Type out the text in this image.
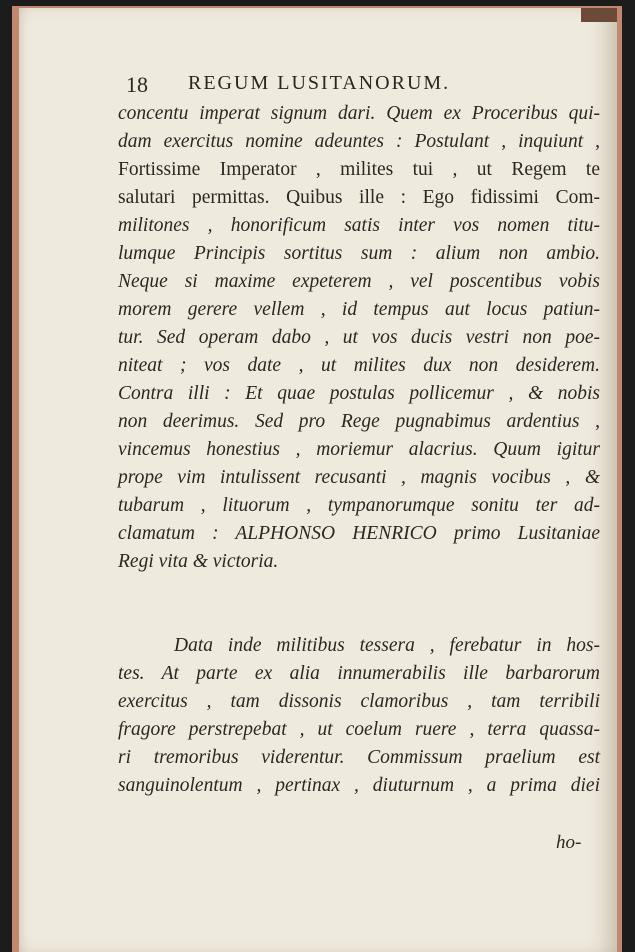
18 REGUM LUSITANORUM.
concentu imperat signum dari. Quem ex Proceribus qui-
dam exercitus nomine adeuntes : Postulant , inquiunt ,
Fortissime Imperator , milites tui , ut Regem te
salutari permittas. Quibus ille : Ego fidissimi Com-
militones , honorificum satis inter vos nomen titu-
lumque Principis sortitus sum : alium non ambio.
Neque si maxime expeterem , vel poscentibus vobis
morem gerere vellem , id tempus aut locus patiun-
tur. Sed operam dabo , ut vos ducis vestri non poe-
niteat ; vos date , ut milites dux non desiderem.
Contra illi : Et quae postulas pollicemur , & nobis
non deerimus. Sed pro Rege pugnabimus ardentius ,
vincemus honestius , moriemur alacrius. Quum igitur
prope vim intulissent recusanti , magnis vocibus , &
tubarum , lituorum , tympanorumque sonitu ter ad-
clamatum : ALPHONSO HENRICO primo Lusitaniae
Regi vita & victoria.
Data inde militibus tessera , ferebatur in hos-
tes. At parte ex alia innumerabilis ille barbarorum
exercitus , tam dissonis clamoribus , tam terribili
fragore perstrepebat , ut coelum ruere , terra quassa-
ri tremoribus viderentur. Commissum praelium est
sanguinolentum , pertinax , diuturnum , a prima diei
ho-
